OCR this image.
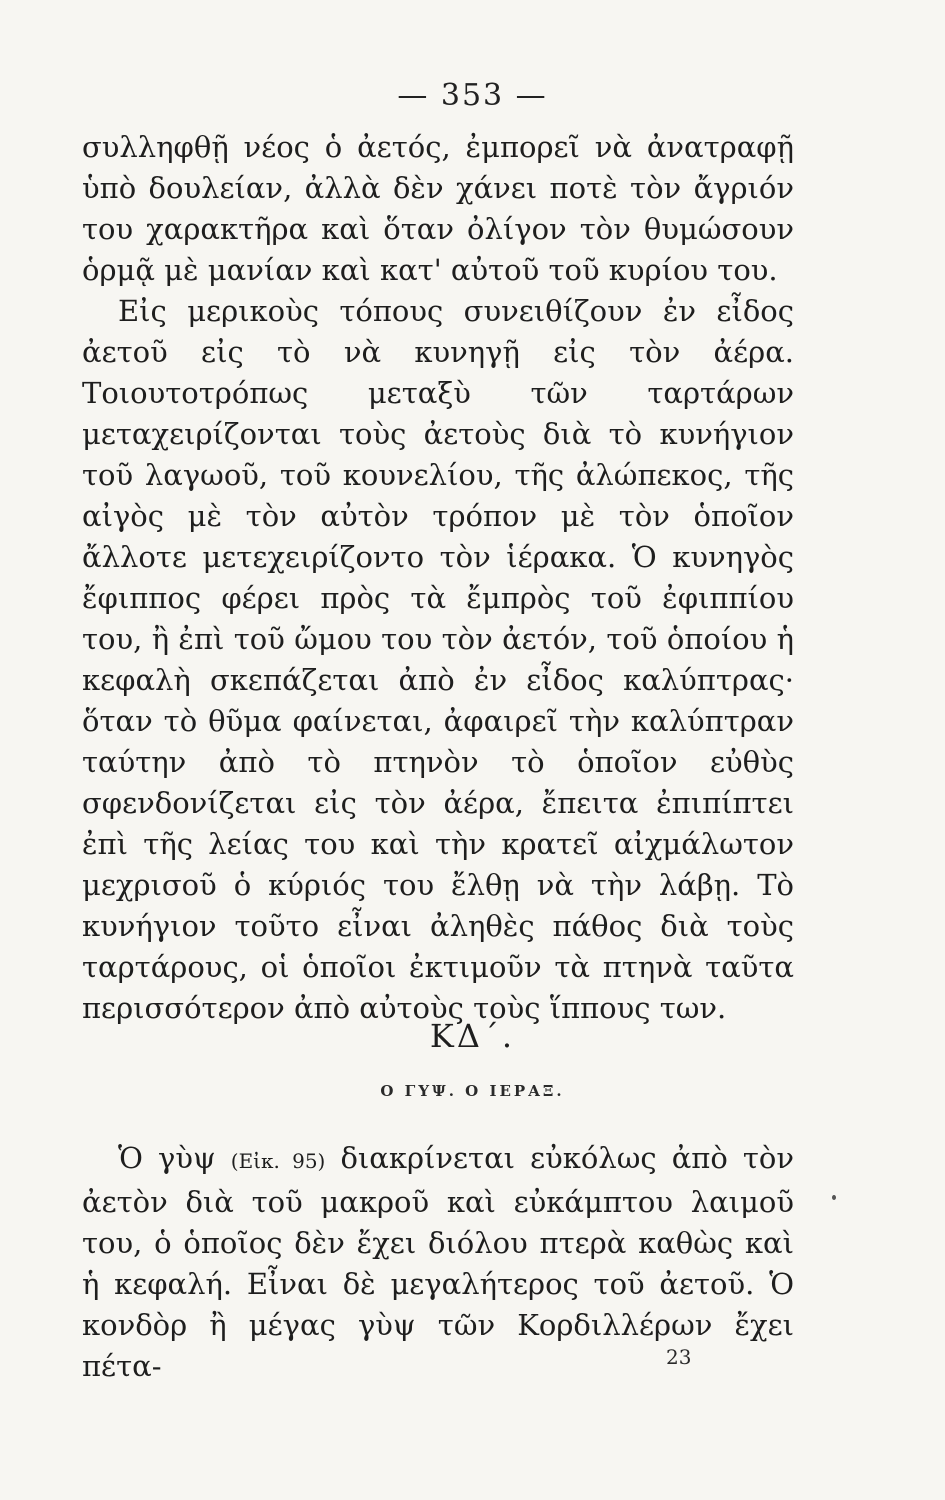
— 353 —

συλληφθῇ νέος ὁ ἀετός, ἐμπορεῖ νὰ ἀνατραφῇ ὑπὸ δουλείαν, ἀλλὰ δὲν χάνει ποτὲ τὸν ἄγριόν του χαρακτῆρα καὶ ὅταν ὀλίγον τὸν θυμώσουν ὁρμᾷ μὲ μανίαν καὶ κατ' αὐτοῦ τοῦ κυρίου του.

Εἰς μερικοὺς τόπους συνειθίζουν ἐν εἶδος ἀετοῦ εἰς τὸ νὰ κυνηγῇ εἰς τὸν ἀέρα. Τοιουτοτρόπως μεταξὺ τῶν ταρτάρων μεταχειρίζονται τοὺς ἀετοὺς διὰ τὸ κυνήγιον τοῦ λαγωοῦ, τοῦ κουνελίου, τῆς ἀλώπεκος, τῆς αἰγὸς μὲ τὸν αὐτὸν τρόπον μὲ τὸν ὁποῖον ἄλλοτε μετεχειρίζοντο τὸν ἱέρακα. Ὁ κυνηγὸς ἔφιππος φέρει πρὸς τὰ ἔμπρὸς τοῦ ἐφιππίου του, ἢ ἐπὶ τοῦ ὤμου του τὸν ἀετόν, τοῦ ὁποίου ἡ κεφαλὴ σκεπάζεται ἀπὸ ἐν εἶδος καλύπτρας· ὅταν τὸ θῦμα φαίνεται, ἀφαιρεῖ τὴν καλύπτραν ταύτην ἀπὸ τὸ πτηνὸν τὸ ὁποῖον εὐθὺς σφενδονίζεται εἰς τὸν ἀέρα, ἔπειτα ἐπιπίπτει ἐπὶ τῆς λείας του καὶ τὴν κρατεῖ αἰχμάλωτον μεχρισοῦ ὁ κύριός του ἔλθῃ νὰ τὴν λάβῃ. Τὸ κυνήγιον τοῦτο εἶναι ἀληθὲς πάθος διὰ τοὺς ταρτάρους, οἱ ὁποῖοι ἐκτιμοῦν τὰ πτηνὰ ταῦτα περισσότερον ἀπὸ αὐτοὺς τοὺς ἵππους των.

ΚΔ΄.
Ο ΓΥΨ. Ο ΙΕΡΑΞ.

Ὁ γὺψ (Εἰκ. 95) διακρίνεται εὐκόλως ἀπὸ τὸν ἀετὸν διὰ τοῦ μακροῦ καὶ εὐκάμπτου λαιμοῦ του, ὁ ὁποῖος δὲν ἔχει διόλου πτερὰ καθὼς καὶ ἡ κεφαλή. Εἶναι δὲ μεγαλήτερος τοῦ ἀετοῦ. Ὁ κονδὸρ ἢ μέγας γὺψ τῶν Κορδιλλέρων ἔχει πέτα-	23
